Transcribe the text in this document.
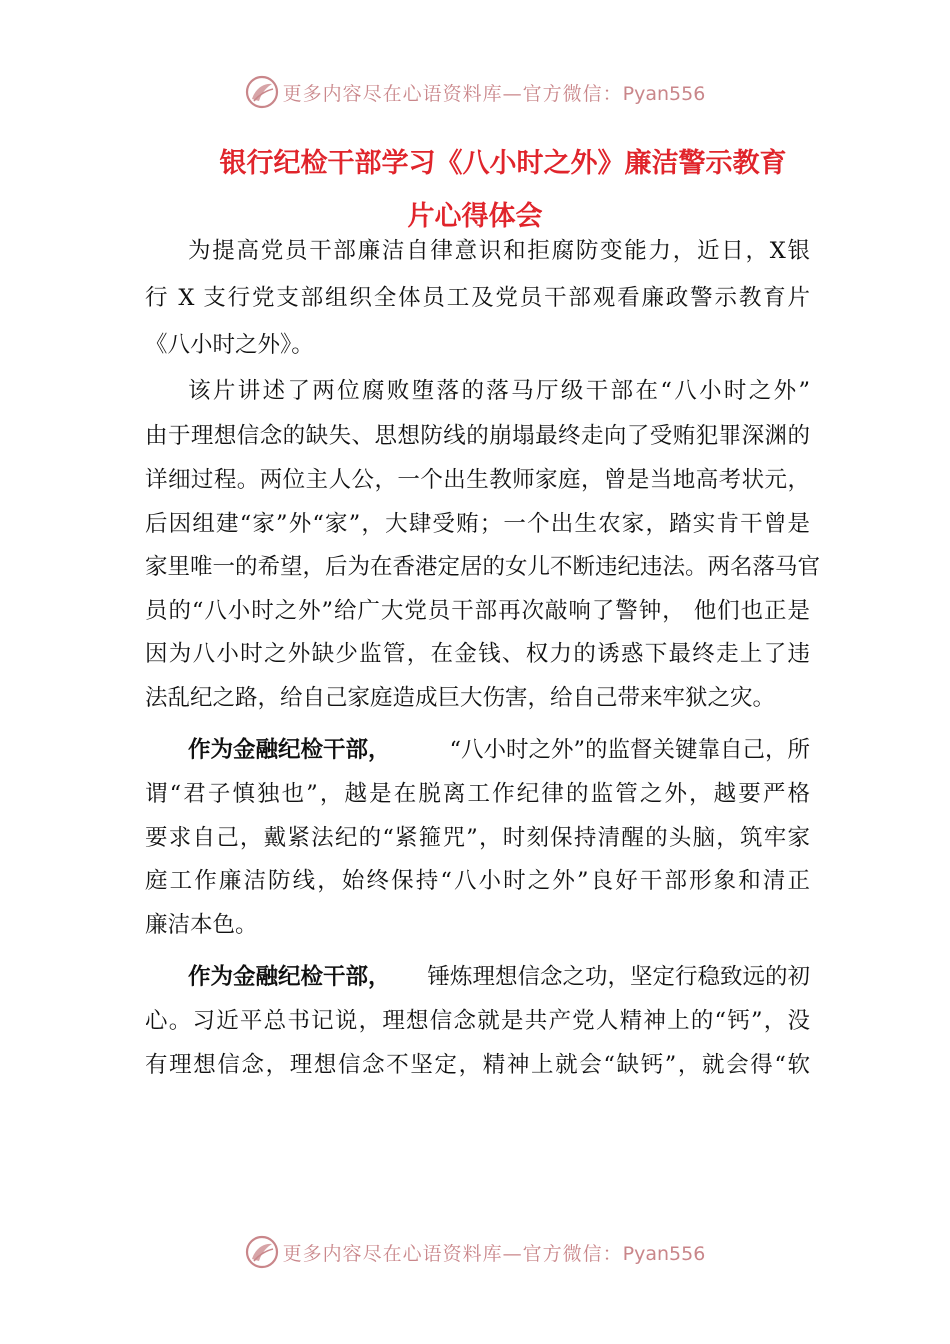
更多内容尽在心语资料库—官方微信：Pyan556
银行纪检干部学习《八小时之外》廉洁警示教育
片心得体会
为提高党员干部廉洁自律意识和拒腐防变能力，近日，X银
行 X 支行党支部组织全体员工及党员干部观看廉政警示教育片
《八小时之外》。
该片讲述了两位腐败堕落的落马厅级干部在“八小时之外”
由于理想信念的缺失、思想防线的崩塌最终走向了受贿犯罪深渊的
详细过程。两位主人公，一个出生教师家庭，曾是当地高考状元，
后因组建“家”外“家”，大肆受贿；一个出生农家，踏实肯干曾是
家里唯一的希望，后为在香港定居的女儿不断违纪违法。两名落马官
员的“八小时之外”给广大党员干部再次敲响了警钟， 他们也正是
因为八小时之外缺少监管，在金钱、权力的诱惑下最终走上了违
法乱纪之路，给自己家庭造成巨大伤害，给自己带来牢狱之灾。
作为金融纪检干部，	“八小时之外”的监督关键靠自己，所
谓“君子慎独也”，越是在脱离工作纪律的监管之外，越要严格
要求自己，戴紧法纪的“紧箍咒”，时刻保持清醒的头脑，筑牢家
庭工作廉洁防线，始终保持“八小时之外”良好干部形象和清正
廉洁本色。
作为金融纪检干部， 锤炼理想信念之功，坚定行稳致远的初
心。习近平总书记说，理想信念就是共产党人精神上的“钙”，没
有理想信念，理想信念不坚定，精神上就会“缺钙”，就会得“软
更多内容尽在心语资料库—官方微信：Pyan556
